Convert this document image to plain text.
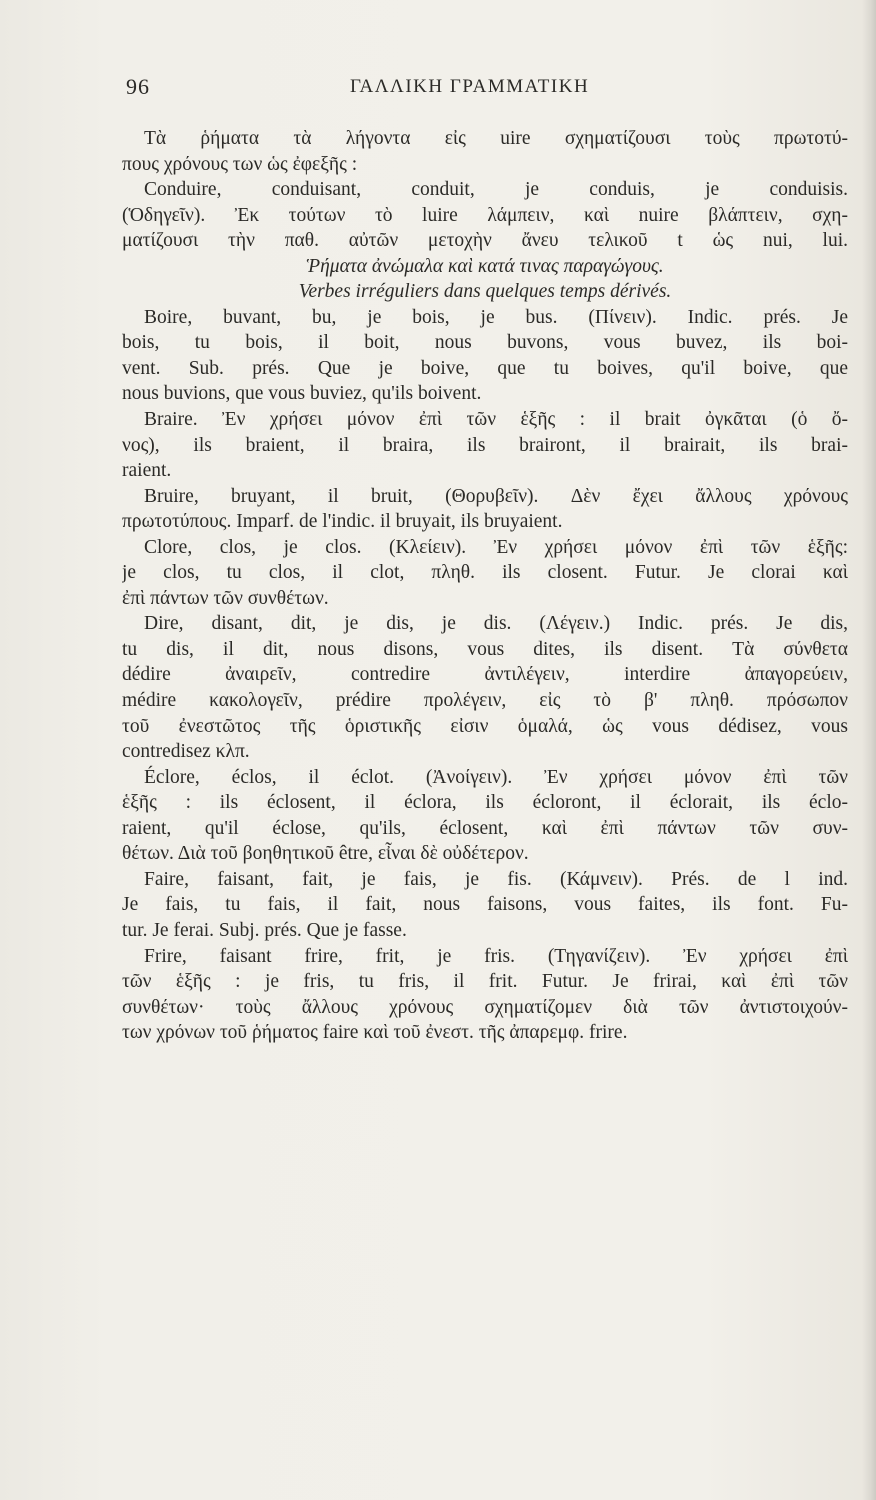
96	ΓΑΛΛΙΚΗ ΓΡΑΜΜΑΤΙΚΗ
Τὰ ῥήματα τὰ λήγοντα εἰς uire σχηματίζουσι τοὺς πρωτοτύ-
πους χρόνους των ὡς ἐφεξῆς :
Conduire, conduisant, conduit, je conduis, je conduisis.
(Ὁδηγεῖν). Ἐκ τούτων τὸ luire λάμπειν, καὶ nuire βλάπτειν, σχη-
ματίζουσι τὴν παθ. αὐτῶν μετοχὴν ἄνευ τελικοῦ t ὡς nui, lui.
Ῥήματα ἀνώμαλα καὶ κατά τινας παραγώγους.
Verbes irréguliers dans quelques temps dérivés.
Boire, buvant, bu, je bois, je bus. (Πίνειν). Indic. prés. Je
bois, tu bois, il boit, nous buvons, vous buvez, ils boi-
vent. Sub. prés. Que je boive, que tu boives, qu'il boive, que
nous buvions, que vous buviez, qu'ils boivent.
Braire. Ἐν χρήσει μόνον ἐπὶ τῶν ἑξῆς : il brait ὀγκᾶται (ὁ ὄ-
νος), ils braient, il braira, ils brairont, il brairait, ils brai-
raient.
Bruire, bruyant, il bruit, (Θορυβεῖν). Δὲν ἔχει ἄλλους χρόνους
πρωτοτύπους. Imparf. de l'indic. il bruyait, ils bruyaient.
Clore, clos, je clos. (Κλείειν). Ἐν χρήσει μόνον ἐπὶ τῶν ἑξῆς:
je clos, tu clos, il clot, πληθ. ils closent. Futur. Je clorai καὶ
ἐπὶ πάντων τῶν συνθέτων.
Dire, disant, dit, je dis, je dis. (Λέγειν.) Indic. prés. Je dis,
tu dis, il dit, nous disons, vous dites, ils disent. Τὰ σύνθετα
dédire ἀναιρεῖν, contredire ἀντιλέγειν, interdire ἀπαγορεύειν,
médire κακολογεῖν, prédire προλέγειν, εἰς τὸ β' πληθ. πρόσωπον
τοῦ ἐνεστῶτος τῆς ὁριστικῆς εἰσιν ὁμαλά, ὡς vous dédisez, vous
contredisez κλπ.
Éclore, éclos, il éclot. (Ἀνοίγειν). Ἐν χρήσει μόνον ἐπὶ τῶν
ἑξῆς : ils éclosent, il éclora, ils écloront, il éclorait, ils éclo-
raient, qu'il éclose, qu'ils, éclosent, καὶ ἐπὶ πάντων τῶν συν-
θέτων. Διὰ τοῦ βοηθητικοῦ être, εἶναι δὲ οὐδέτερον.
Faire, faisant, fait, je fais, je fis. (Κάμνειν). Prés. de l ind.
Je fais, tu fais, il fait, nous faisons, vous faites, ils font. Fu-
tur. Je ferai. Subj. prés. Que je fasse.
Frire, faisant frire, frit, je fris. (Τηγανίζειν). Ἐν χρήσει ἐπὶ
τῶν ἑξῆς : je fris, tu fris, il frit. Futur. Je frirai, καὶ ἐπὶ τῶν
συνθέτων· τοὺς ἄλλους χρόνους σχηματίζομεν διὰ τῶν ἀντιστοιχούν-
των χρόνων τοῦ ῥήματος faire καὶ τοῦ ἐνεστ. τῆς ἀπαρεμφ. frire.
